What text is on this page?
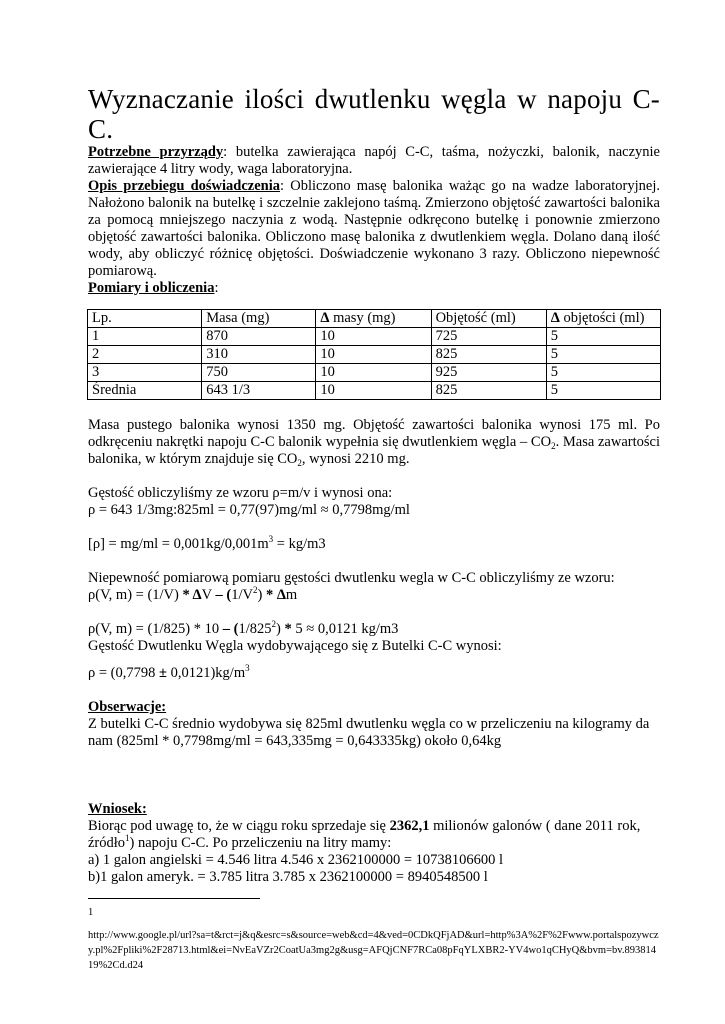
Wyznaczanie ilości dwutlenku węgla w napoju C-C.

Potrzebne przyrządy: butelka zawierająca napój C-C, taśma, nożyczki, balonik, naczynie zawierające 4 litry wody, waga laboratoryjna.

Opis przebiegu doświadczenia: Obliczono masę balonika ważąc go na wadze laboratoryjnej. Nałożono balonik na butelkę i szczelnie zaklejono taśmą. Zmierzono objętość zawartości balonika za pomocą mniejszego naczynia z wodą. Następnie odkręcono butelkę i ponownie zmierzono objętość zawartości balonika. Obliczono masę balonika z dwutlenkiem węgla. Dolano daną ilość wody, aby obliczyć różnicę objętości. Doświadczenie wykonano 3 razy. Obliczono niepewność pomiarową.

Pomiary i obliczenia:

Lp.	Masa (mg)	Δ masy (mg)	Objętość (ml)	Δ objętości (ml)
1	870	10	725	5
2	310	10	825	5
3	750	10	925	5
Średnia	643 1/3	10	825	5

Masa pustego balonika wynosi 1350 mg. Objętość zawartości balonika wynosi 175 ml. Po odkręceniu nakrętki napoju C-C balonik wypełnia się dwutlenkiem węgla – $CO_2$. Masa zawartości balonika, w którym znajduje się $CO_2$, wynosi 2210 mg.

Gęstość obliczyliśmy ze wzoru ρ=m/v i wynosi ona:

ρ = 643 1/3mg:825ml = 0,77(97)mg/ml ≈ 0,7798mg/ml

$[\rho] = mg/ml = 0,001kg/0,001m^3 = kg/m3$

Niepewność pomiarową pomiaru gęstości dwutlenku wegla w C-C obliczyliśmy ze wzoru:

ρ(V, $m) = (1/V) * \Delta V - (1/V^2) * \Delta m$

ρ(V, $m) = (1/825) * 10 - (1/825^2) * 5 \approx 0,0121$ kg/m3

Gęstość Dwutlenku Węgla wydobywającego się z Butelki C-C wynosi:

$\rho = (0,7798 \pm 0,0121)kg/m^3$

Obserwacje:

Z butelki C-C średnio wydobywa się 825ml dwutlenku węgla co w przeliczeniu na kilogramy da nam (825ml * 0,7798mg/ml = 643,335mg = 0,643335kg) około 0,64kg

Wniosek:

Biorąc pod uwagę to, że w ciągu roku sprzedaje się 2362,1 milionów galonów ( dane 2011 rok, źródło$^1$) napoju C-C. Po przeliczeniu na litry mamy:

a) 1 galon angielski = 4.546 litra 4.546 x 2362100000 = 10738106600 l

b)1 galon ameryk. = 3.785 litra 3.785 x 2362100000 = 8940548500 l

1

http://www.google.pl/url?sa=t&rct=j&q&esrc=s&source=web&cd=4&ved=0CDkQFjAD&url=http%3A%2F%2Fwww.portalspozywczy.pl%2Fpliki%2F28713.html&ei=NvEaVZr2CoatUa3mg2g&usg=AFQjCNF7RCa08pFqYLXBR2-YV4wo1qCHyQ&bvm=bv.89381419%2Cd.d24
